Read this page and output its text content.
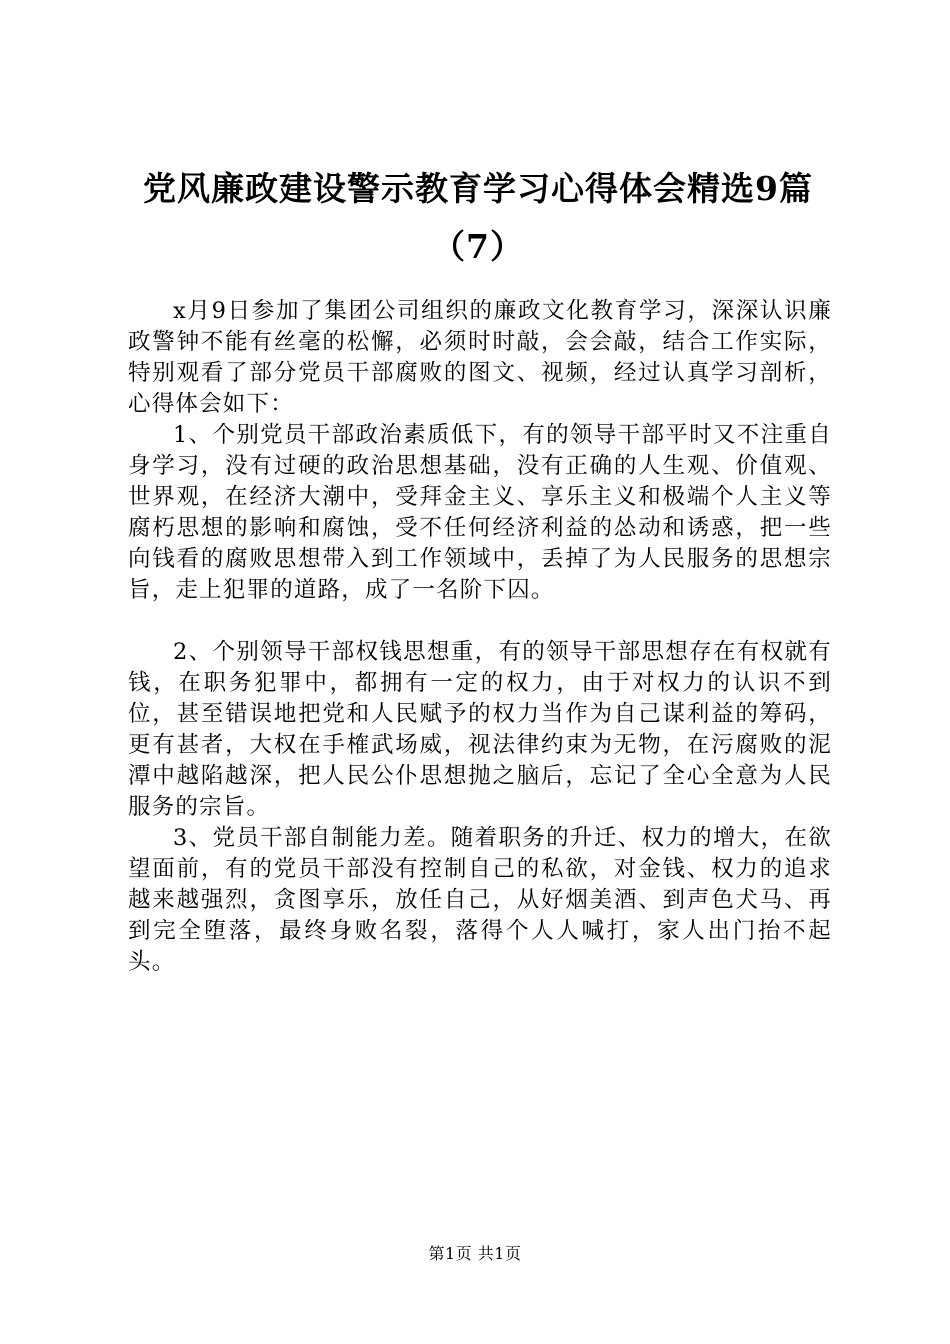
党风廉政建设警示教育学习心得体会精选9篇
（7）

x月9日参加了集团公司组织的廉政文化教育学习，深深认识廉政警钟不能有丝毫的松懈，必须时时敲，会会敲，结合工作实际，特别观看了部分党员干部腐败的图文、视频，经过认真学习剖析，心得体会如下：

1、个别党员干部政治素质低下，有的领导干部平时又不注重自身学习，没有过硬的政治思想基础，没有正确的人生观、价值观、世界观，在经济大潮中，受拜金主义、享乐主义和极端个人主义等腐朽思想的影响和腐蚀，受不任何经济利益的怂动和诱惑，把一些向钱看的腐败思想带入到工作领域中，丢掉了为人民服务的思想宗旨，走上犯罪的道路，成了一名阶下囚。

2、个别领导干部权钱思想重，有的领导干部思想存在有权就有钱，在职务犯罪中，都拥有一定的权力，由于对权力的认识不到位，甚至错误地把党和人民赋予的权力当作为自己谋利益的筹码，更有甚者，大权在手榷武场威，视法律约束为无物，在污腐败的泥潭中越陷越深，把人民公仆思想抛之脑后，忘记了全心全意为人民服务的宗旨。

3、党员干部自制能力差。随着职务的升迁、权力的增大，在欲望面前，有的党员干部没有控制自己的私欲，对金钱、权力的追求越来越强烈，贪图享乐，放任自己，从好烟美酒、到声色犬马、再到完全堕落，最终身败名裂，落得个人人喊打，家人出门抬不起头。

第1页 共1页
